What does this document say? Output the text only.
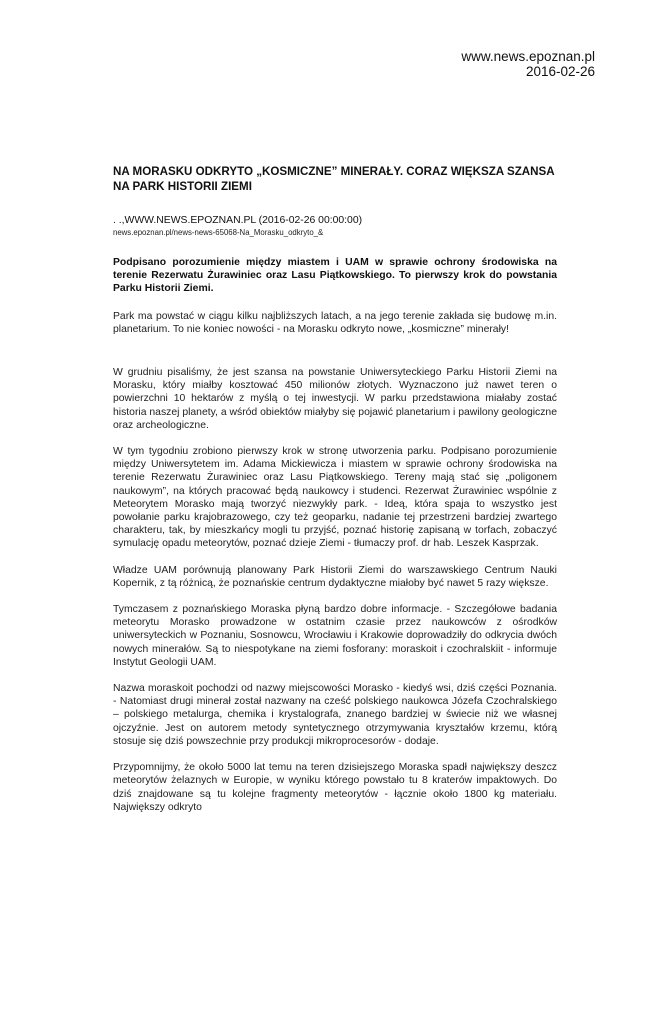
www.news.epoznan.pl
2016-02-26
NA MORASKU ODKRYTO „KOSMICZNE” MINERAŁY. CORAZ WIĘKSZA SZANSA NA PARK HISTORII ZIEMI
. .,WWW.NEWS.EPOZNAN.PL (2016-02-26 00:00:00)
news.epoznan.pl/news-news-65068-Na_Morasku_odkryto_&

Podpisano porozumienie między miastem i UAM w sprawie ochrony środowiska na terenie Rezerwatu Żurawiniec oraz Lasu Piątkowskiego. To pierwszy krok do powstania Parku Historii Ziemi.

Park ma powstać w ciągu kilku najbliższych latach, a na jego terenie zakłada się budowę m.in. planetarium. To nie koniec nowości - na Morasku odkryto nowe, „kosmiczne” minerały!

W grudniu pisaliśmy, że jest szansa na powstanie Uniwersyteckiego Parku Historii Ziemi na Morasku, który miałby kosztować 450 milionów złotych. Wyznaczono już nawet teren o powierzchni 10 hektarów z myślą o tej inwestycji. W parku przedstawiona miałaby zostać historia naszej planety, a wśród obiektów miałyby się pojawić planetarium i pawilony geologiczne oraz archeologiczne.

W tym tygodniu zrobiono pierwszy krok w stronę utworzenia parku. Podpisano porozumienie między Uniwersytetem im. Adama Mickiewicza i miastem w sprawie ochrony środowiska na terenie Rezerwatu Żurawiniec oraz Lasu Piątkowskiego. Tereny mają stać się „poligonem naukowym”, na których pracować będą naukowcy i studenci. Rezerwat Żurawiniec wspólnie z Meteorytem Morasko mają tworzyć niezwykły park. - Ideą, która spaja to wszystko jest powołanie parku krajobrazowego, czy też geoparku, nadanie tej przestrzeni bardziej zwartego charakteru, tak, by mieszkańcy mogli tu przyjść, poznać historię zapisaną w torfach, zobaczyć symulację opadu meteorytów, poznać dzieje Ziemi - tłumaczy prof. dr hab. Leszek Kasprzak.

Władze UAM porównują planowany Park Historii Ziemi do warszawskiego Centrum Nauki Kopernik, z tą różnicą, że poznańskie centrum dydaktyczne miałoby być nawet 5 razy większe.

Tymczasem z poznańskiego Moraska płyną bardzo dobre informacje. - Szczegółowe badania meteorytu Morasko prowadzone w ostatnim czasie przez naukowców z ośrodków uniwersyteckich w Poznaniu, Sosnowcu, Wrocławiu i Krakowie doprowadziły do odkrycia dwóch nowych minerałów. Są to niespotykane na ziemi fosforany: moraskoit i czochralskiit - informuje Instytut Geologii UAM.

Nazwa moraskoit pochodzi od nazwy miejscowości Morasko - kiedyś wsi, dziś części Poznania. - Natomiast drugi minerał został nazwany na cześć polskiego naukowca Józefa Czochralskiego – polskiego metalurga, chemika i krystalografa, znanego bardziej w świecie niż we własnej ojczyźnie. Jest on autorem metody syntetycznego otrzymywania kryształów krzemu, którą stosuje się dziś powszechnie przy produkcji mikroprocesorów - dodaje.

Przypomnijmy, że około 5000 lat temu na teren dzisiejszego Moraska spadł największy deszcz meteorytów żelaznych w Europie, w wyniku którego powstało tu 8 kraterów impaktowych. Do dziś znajdowane są tu kolejne fragmenty meteorytów - łącznie około 1800 kg materiału. Największy odkryto
